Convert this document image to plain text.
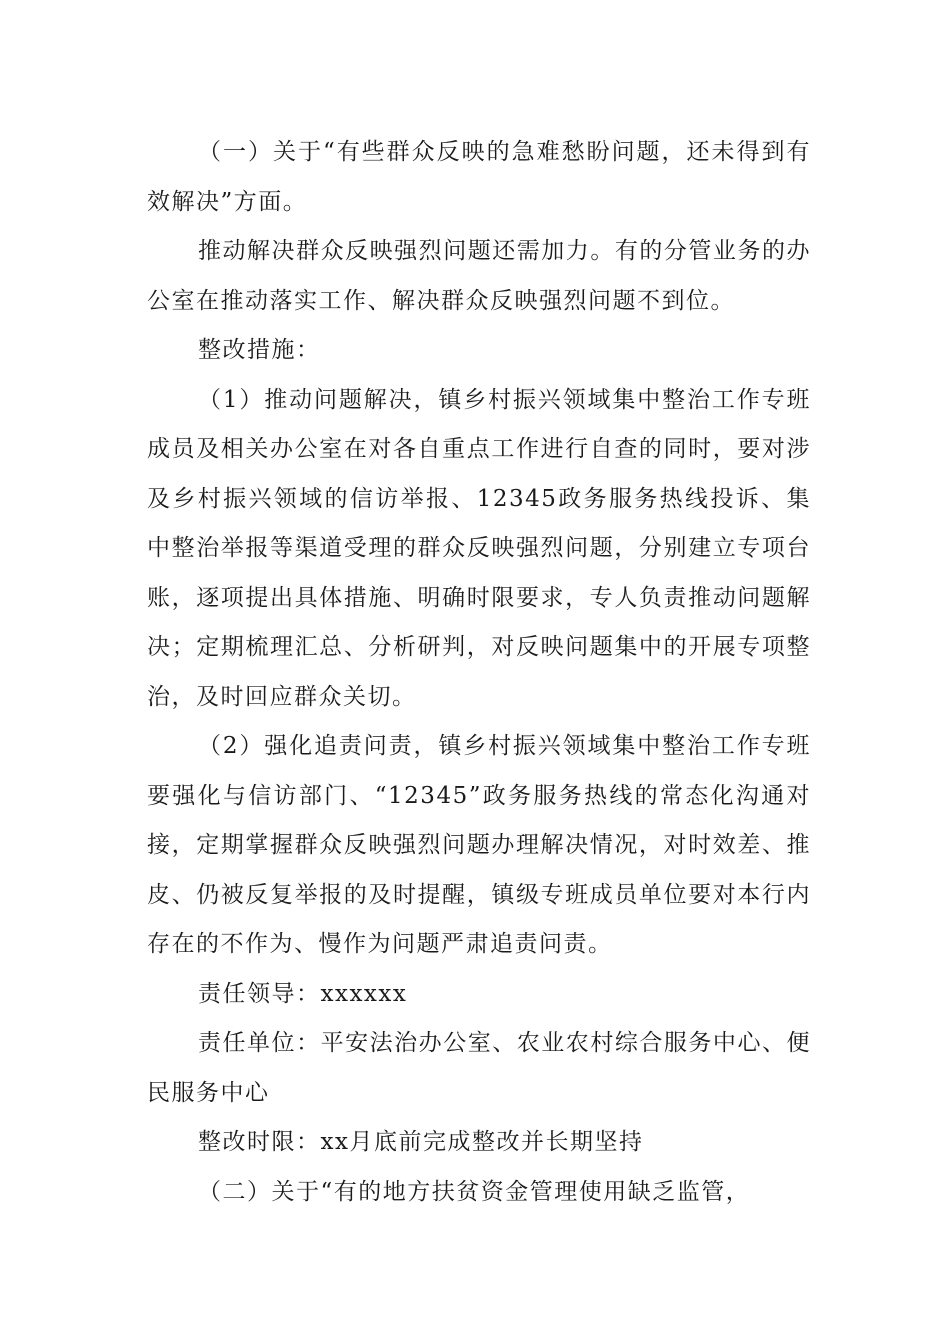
（一）关于“有些群众反映的急难愁盼问题，还未得到有效解决”方面。

推动解决群众反映强烈问题还需加力。有的分管业务的办公室在推动落实工作、解决群众反映强烈问题不到位。

整改措施：

（1）推动问题解决，镇乡村振兴领域集中整治工作专班成员及相关办公室在对各自重点工作进行自查的同时，要对涉及乡村振兴领域的信访举报、12345政务服务热线投诉、集中整治举报等渠道受理的群众反映强烈问题，分别建立专项台账，逐项提出具体措施、明确时限要求，专人负责推动问题解决；定期梳理汇总、分析研判，对反映问题集中的开展专项整治，及时回应群众关切。

（2）强化追责问责，镇乡村振兴领域集中整治工作专班要强化与信访部门、“12345”政务服务热线的常态化沟通对接，定期掌握群众反映强烈问题办理解决情况，对时效差、推皮、仍被反复举报的及时提醒，镇级专班成员单位要对本行内存在的不作为、慢作为问题严肃追责问责。

责任领导：xxxxxx

责任单位：平安法治办公室、农业农村综合服务中心、便民服务中心

整改时限：xx月底前完成整改并长期坚持

（二）关于“有的地方扶贫资金管理使用缺乏监管，
